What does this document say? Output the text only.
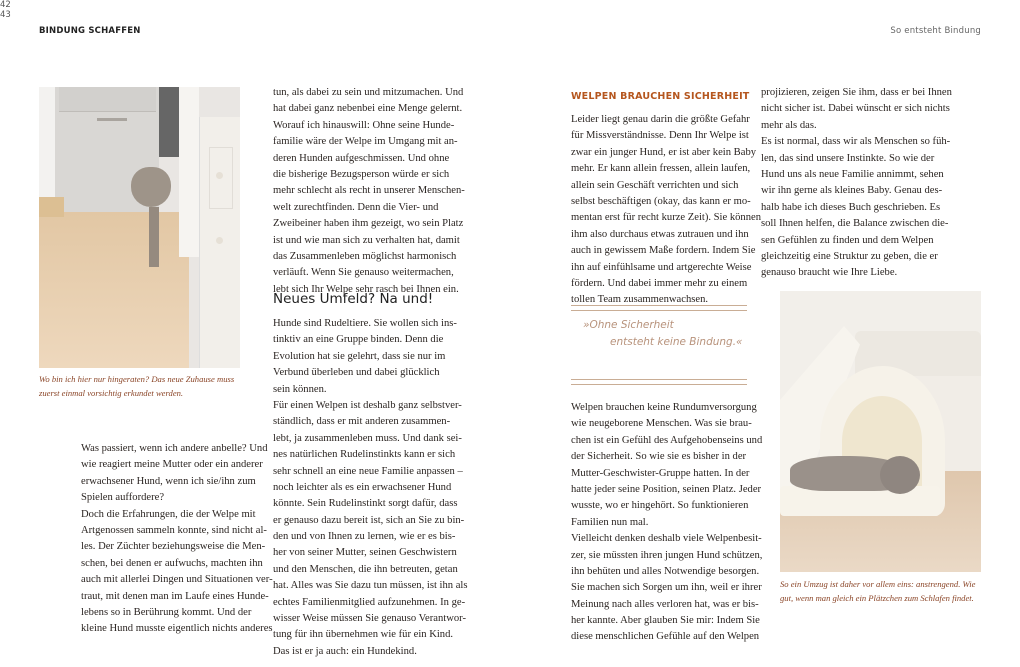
BINDUNG SCHAFFEN	So entsteht Bindung
Wo bin ich hier nur hingeraten? Das neue Zuhause muss
zuerst einmal vorsichtig erkundet werden.
Was passiert, wenn ich andere anbelle? Und
wie reagiert meine Mutter oder ein anderer
erwachsener Hund, wenn ich sie/ihn zum
Spielen auffordere?
Doch die Erfahrungen, die der Welpe mit
Artgenossen sammeln konnte, sind nicht al-
les. Der Züchter beziehungsweise die Men-
schen, bei denen er aufwuchs, machten ihn
auch mit allerlei Dingen und Situationen ver-
traut, mit denen man im Laufe eines Hunde-
lebens so in Berührung kommt. Und der
kleine Hund musste eigentlich nichts anderes
tun, als dabei zu sein und mitzumachen. Und
hat dabei ganz nebenbei eine Menge gelernt.
Worauf ich hinauswill: Ohne seine Hunde-
familie wäre der Welpe im Umgang mit an-
deren Hunden aufgeschmissen. Und ohne
die bisherige Bezugsperson würde er sich
mehr schlecht als recht in unserer Menschen-
welt zurechtfinden. Denn die Vier- und
Zweibeiner haben ihm gezeigt, wo sein Platz
ist und wie man sich zu verhalten hat, damit
das Zusammenleben möglichst harmonisch
verläuft. Wenn Sie genauso weitermachen,
lebt sich Ihr Welpe sehr rasch bei Ihnen ein.
Neues Umfeld? Na und!
Hunde sind Rudeltiere. Sie wollen sich ins-
tinktiv an eine Gruppe binden. Denn die
Evolution hat sie gelehrt, dass sie nur im
Verbund überleben und dabei glücklich
sein können.
Für einen Welpen ist deshalb ganz selbstver-
ständlich, dass er mit anderen zusammen-
lebt, ja zusammenleben muss. Und dank sei-
nes natürlichen Rudelinstinkts kann er sich
sehr schnell an eine neue Familie anpassen –
noch leichter als es ein erwachsener Hund
könnte. Sein Rudelinstinkt sorgt dafür, dass
er genauso dazu bereit ist, sich an Sie zu bin-
den und von Ihnen zu lernen, wie er es bis-
her von seiner Mutter, seinen Geschwistern
und den Menschen, die ihn betreuten, getan
hat. Alles was Sie dazu tun müssen, ist ihn als
echtes Familienmitglied aufzunehmen. In ge-
wisser Weise müssen Sie genauso Verantwor-
tung für ihn übernehmen wie für ein Kind.
Das ist er ja auch: ein Hundekind.
42
43
WELPEN BRAUCHEN SICHERHEIT
Leider liegt genau darin die größte Gefahr
für Missverständnisse. Denn Ihr Welpe ist
zwar ein junger Hund, er ist aber kein Baby
mehr. Er kann allein fressen, allein laufen,
allein sein Geschäft verrichten und sich
selbst beschäftigen (okay, das kann er mo-
mentan erst für recht kurze Zeit). Sie können
ihm also durchaus etwas zutrauen und ihn
auch in gewissem Maße fordern. Indem Sie
ihn auf einfühlsame und artgerechte Weise
fördern. Und dabei immer mehr zu einem
tollen Team zusammenwachsen.
»Ohne Sicherheit
entsteht keine Bindung.«
Welpen brauchen keine Rundumversorgung
wie neugeborene Menschen. Was sie brau-
chen ist ein Gefühl des Aufgehobenseins und
der Sicherheit. So wie sie es bisher in der
Mutter-Geschwister-Gruppe hatten. In der
hatte jeder seine Position, seinen Platz. Jeder
wusste, wo er hingehört. So funktionieren
Familien nun mal.
Vielleicht denken deshalb viele Welpenbesit-
zer, sie müssten ihren jungen Hund schützen,
ihn behüten und alles Notwendige besorgen.
Sie machen sich Sorgen um ihn, weil er ihrer
Meinung nach alles verloren hat, was er bis-
her kannte. Aber glauben Sie mir: Indem Sie
diese menschlichen Gefühle auf den Welpen
projizieren, zeigen Sie ihm, dass er bei Ihnen
nicht sicher ist. Dabei wünscht er sich nichts
mehr als das.
Es ist normal, dass wir als Menschen so füh-
len, das sind unsere Instinkte. So wie der
Hund uns als neue Familie annimmt, sehen
wir ihn gerne als kleines Baby. Genau des-
halb habe ich dieses Buch geschrieben. Es
soll Ihnen helfen, die Balance zwischen die-
sen Gefühlen zu finden und dem Welpen
gleichzeitig eine Struktur zu geben, die er
genauso braucht wie Ihre Liebe.
So ein Umzug ist daher vor allem eins: anstrengend. Wie
gut, wenn man gleich ein Plätzchen zum Schlafen findet.
